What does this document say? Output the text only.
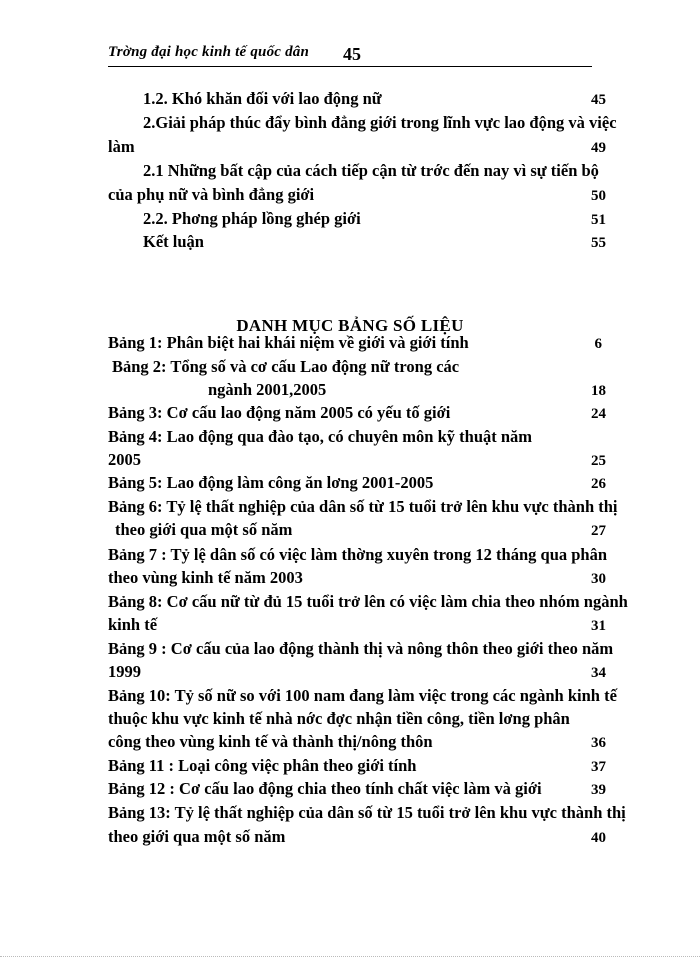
Trờng đại học kinh tế quốc dân 45
1.2. Khó khăn đối với lao động nữ	45
2.Giải pháp thúc đẩy bình đẳng giới trong lĩnh vực lao động và việc
làm	49
2.1 Những bất cập của cách tiếp cận từ trớc đến nay vì sự tiến bộ
của phụ nữ và bình đẳng giới	50
2.2. Phơng pháp lồng ghép giới	51
Kết luận	55
DANH MỤC BẢNG SỐ LIỆU
Bảng 1: Phân biệt hai khái niệm về giới và giới tính	6
Bảng 2: Tổng số và cơ cấu Lao động nữ trong các
ngành 2001,2005	18
Bảng 3: Cơ cấu lao động năm 2005 có yếu tố giới	24
Bảng 4: Lao động qua đào tạo, có chuyên môn kỹ thuật năm
2005	25
Bảng 5: Lao động làm công ăn lơng 2001-2005	26
Bảng 6: Tỷ lệ thất nghiệp của dân số từ 15 tuổi trở lên khu vực thành thị
theo giới qua một số năm	27
Bảng 7 : Tỷ lệ dân số có việc làm thờng xuyên trong 12 tháng qua phân
theo vùng kinh tế năm 2003	30
Bảng 8: Cơ cấu nữ từ đủ 15 tuổi trở lên có việc làm chia theo nhóm ngành
kinh tế	31
Bảng 9 : Cơ cấu của lao động thành thị và nông thôn theo giới theo năm
1999	34
Bảng 10: Tỷ số nữ so với 100 nam đang làm việc trong các ngành kinh tế
thuộc khu vực kinh tế nhà nớc đợc nhận tiền công, tiền lơng phân
công theo vùng kinh tế và thành thị/nông thôn	36
Bảng 11 : Loại công việc phân theo giới tính	37
Bảng 12 : Cơ cấu lao động chia theo tính chất việc làm và giới	39
Bảng 13: Tỷ lệ thất nghiệp của dân số từ 15 tuổi trở lên khu vực thành thị
theo giới qua một số năm	40
